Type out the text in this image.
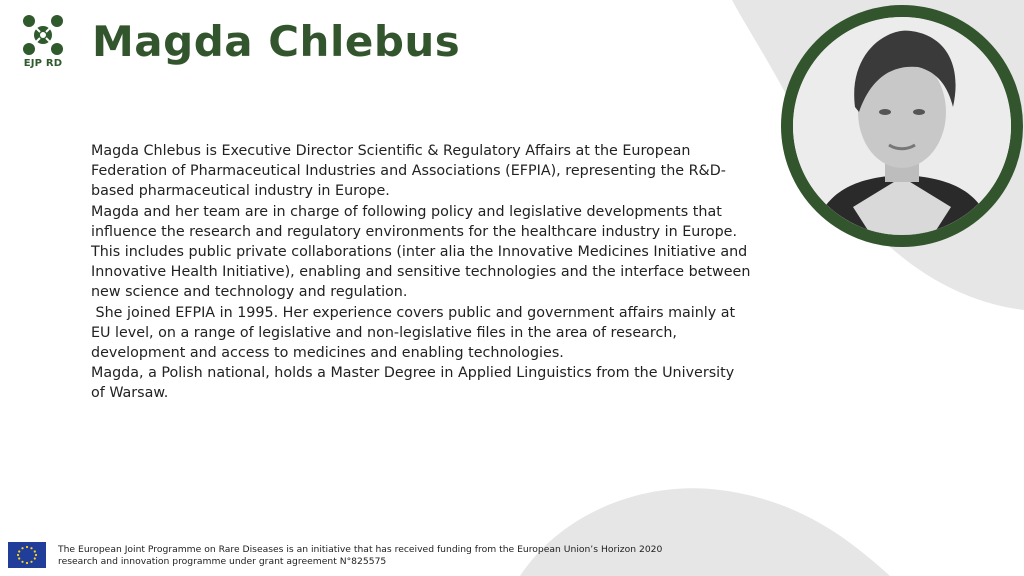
EJP RD Magda Chlebus

Magda Chlebus is Executive Director Scientific & Regulatory Affairs at the European Federation of Pharmaceutical Industries and Associations (EFPIA), representing the R&D-based pharmaceutical industry in Europe.

Magda and her team are in charge of following policy and legislative developments that influence the research and regulatory environments for the healthcare industry in Europe. This includes public private collaborations (inter alia the Innovative Medicines Initiative and Innovative Health Initiative), enabling and sensitive technologies and the interface between new science and technology and regulation.

She joined EFPIA in 1995. Her experience covers public and government affairs mainly at EU level, on a range of legislative and non-legislative files in the area of research, development and access to medicines and enabling technologies.

Magda, a Polish national, holds a Master Degree in Applied Linguistics from the University of Warsaw.

The European Joint Programme on Rare Diseases is an initiative that has received funding from the European Union’s Horizon 2020 research and innovation programme under grant agreement N°825575
